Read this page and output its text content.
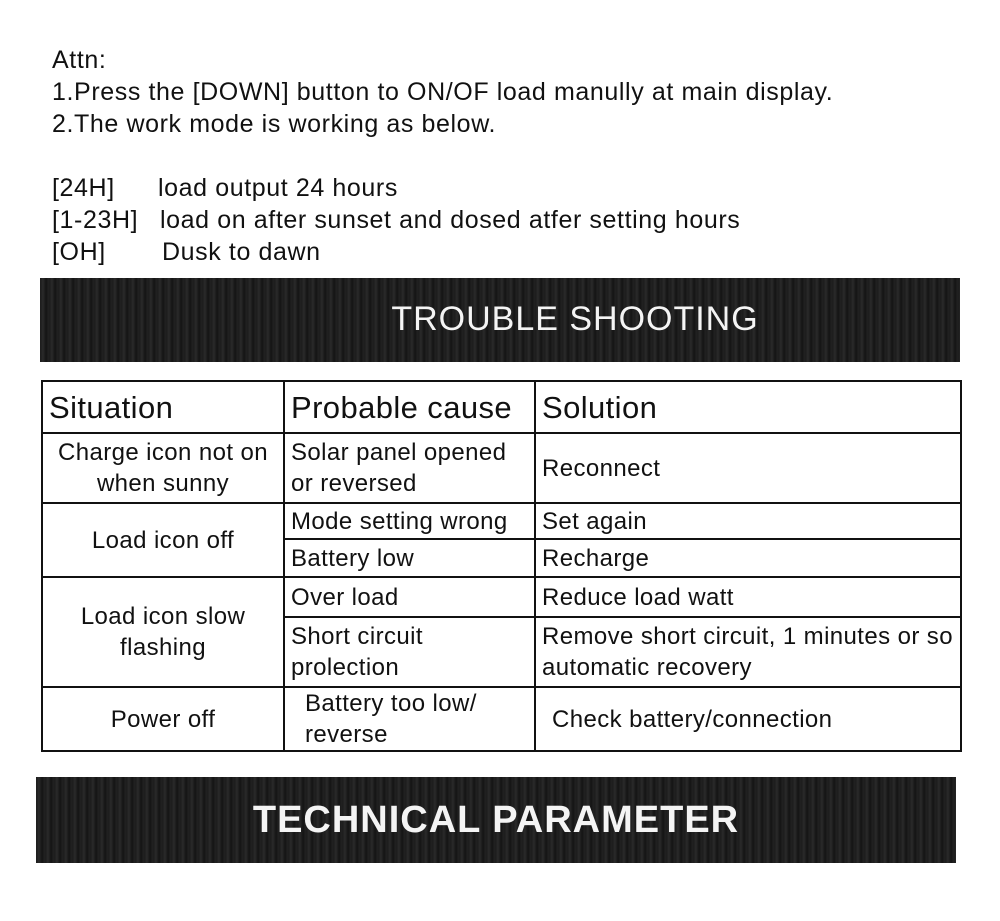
Attn:
1.Press the [DOWN] button to ON/OF load manully at main display.
2.The work mode is working as below.
[24H] load output 24 hours
[1-23H] load on after sunset and dosed atfer setting hours
[OH] Dusk to dawn
TROUBLE SHOOTING
Situation	Probable cause	Solution
Charge icon not on when sunny	Solar panel opened or reversed	Reconnect
Load icon off	Mode setting wrong	Set again
	Battery low	Recharge
Load icon slow flashing	Over load	Reduce load watt
	Short circuit prolection	Remove short circuit, 1 minutes or so automatic recovery
Power off	Battery too low/ reverse	Check battery/connection
TECHNICAL PARAMETER
